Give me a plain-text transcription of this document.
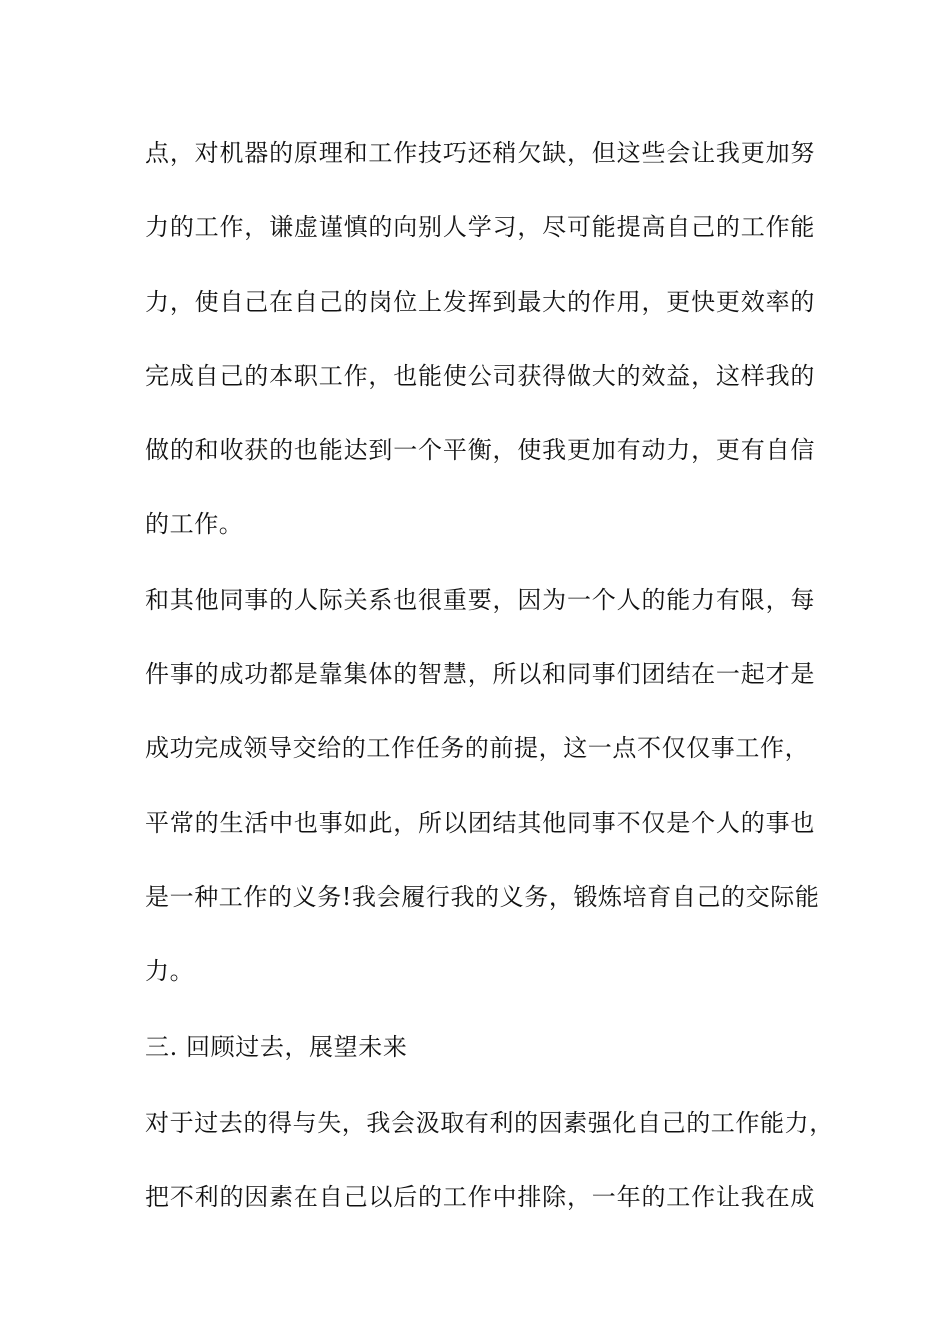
点，对机器的原理和工作技巧还稍欠缺，但这些会让我更加努
力的工作，谦虚谨慎的向别人学习，尽可能提高自己的工作能
力，使自己在自己的岗位上发挥到最大的作用，更快更效率的
完成自己的本职工作，也能使公司获得做大的效益，这样我的
做的和收获的也能达到一个平衡，使我更加有动力，更有自信
的工作。
和其他同事的人际关系也很重要，因为一个人的能力有限，每
件事的成功都是靠集体的智慧，所以和同事们团结在一起才是
成功完成领导交给的工作任务的前提，这一点不仅仅事工作，
平常的生活中也事如此，所以团结其他同事不仅是个人的事也
是一种工作的义务!我会履行我的义务，锻炼培育自己的交际能
力。
三. 回顾过去，展望未来
对于过去的得与失，我会汲取有利的因素强化自己的工作能力，
把不利的因素在自己以后的工作中排除，一年的工作让我在成
